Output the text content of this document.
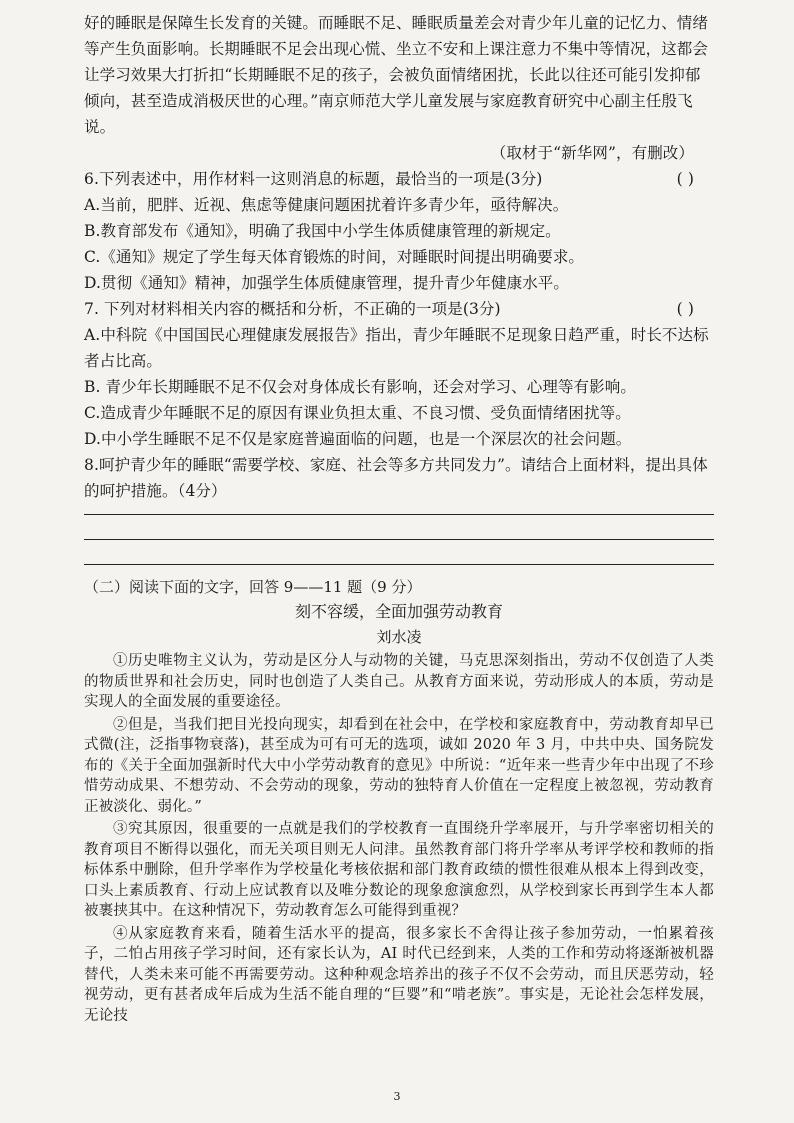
好的睡眠是保障生长发育的关键。而睡眠不足、睡眠质量差会对青少年儿童的记忆力、情绪等产生负面影响。长期睡眠不足会出现心慌、坐立不安和上课注意力不集中等情况，这都会让学习效果大打折扣“长期睡眠不足的孩子，会被负面情绪困扰，长此以往还可能引发抑郁倾向，甚至造成消极厌世的心理。”南京师范大学儿童发展与家庭教育研究中心副主任殷飞说。

（取材于“新华网”，有删改）

6.下列表述中，用作材料一这则消息的标题，最恰当的一项是(3分)	( )

A.当前，肥胖、近视、焦虑等健康问题困扰着许多青少年，亟待解决。

B.教育部发布《通知》，明确了我国中小学生体质健康管理的新规定。

C.《通知》规定了学生每天体育锻炼的时间，对睡眠时间提出明确要求。

D.贯彻《通知》精神，加强学生体质健康管理，提升青少年健康水平。

7. 下列对材料相关内容的概括和分析，不正确的一项是(3分)	( )

A.中科院《中国国民心理健康发展报告》指出，青少年睡眠不足现象日趋严重，时长不达标者占比高。

B. 青少年长期睡眠不足不仅会对身体成长有影响，还会对学习、心理等有影响。

C.造成青少年睡眠不足的原因有课业负担太重、不良习惯、受负面情绪困扰等。

D.中小学生睡眠不足不仅是家庭普遍面临的问题，也是一个深层次的社会问题。

8.呵护青少年的睡眠“需要学校、家庭、社会等多方共同发力”。请结合上面材料，提出具体的呵护措施。（4分）

（二）阅读下面的文字，回答 9——11 题（9 分）

刻不容缓，全面加强劳动教育

刘水凌

①历史唯物主义认为，劳动是区分人与动物的关键，马克思深刻指出，劳动不仅创造了人类的物质世界和社会历史，同时也创造了人类自己。从教育方面来说，劳动形成人的本质，劳动是实现人的全面发展的重要途径。

②但是，当我们把目光投向现实，却看到在社会中，在学校和家庭教育中，劳动教育却早已式微(注，泛指事物衰落)，甚至成为可有可无的选项，诚如 2020 年 3 月，中共中央、国务院发布的《关于全面加强新时代大中小学劳动教育的意见》中所说：“近年来一些青少年中出现了不珍惜劳动成果、不想劳动、不会劳动的现象，劳动的独特育人价值在一定程度上被忽视，劳动教育正被淡化、弱化。”

③究其原因，很重要的一点就是我们的学校教育一直围绕升学率展开，与升学率密切相关的教育项目不断得以强化，而无关项目则无人问津。虽然教育部门将升学率从考评学校和教师的指标体系中删除，但升学率作为学校量化考核依据和部门教育政绩的惯性很难从根本上得到改变，口头上素质教育、行动上应试教育以及唯分数论的现象愈演愈烈，从学校到家长再到学生本人都被裹挟其中。在这种情况下，劳动教育怎么可能得到重视？

④从家庭教育来看，随着生活水平的提高，很多家长不舍得让孩子参加劳动，一怕累着孩子，二怕占用孩子学习时间，还有家长认为，AI 时代已经到来，人类的工作和劳动将逐渐被机器替代，人类未来可能不再需要劳动。这种种观念培养出的孩子不仅不会劳动，而且厌恶劳动，轻视劳动，更有甚者成年后成为生活不能自理的“巨婴”和“啃老族”。事实是，无论社会怎样发展，无论技

3
